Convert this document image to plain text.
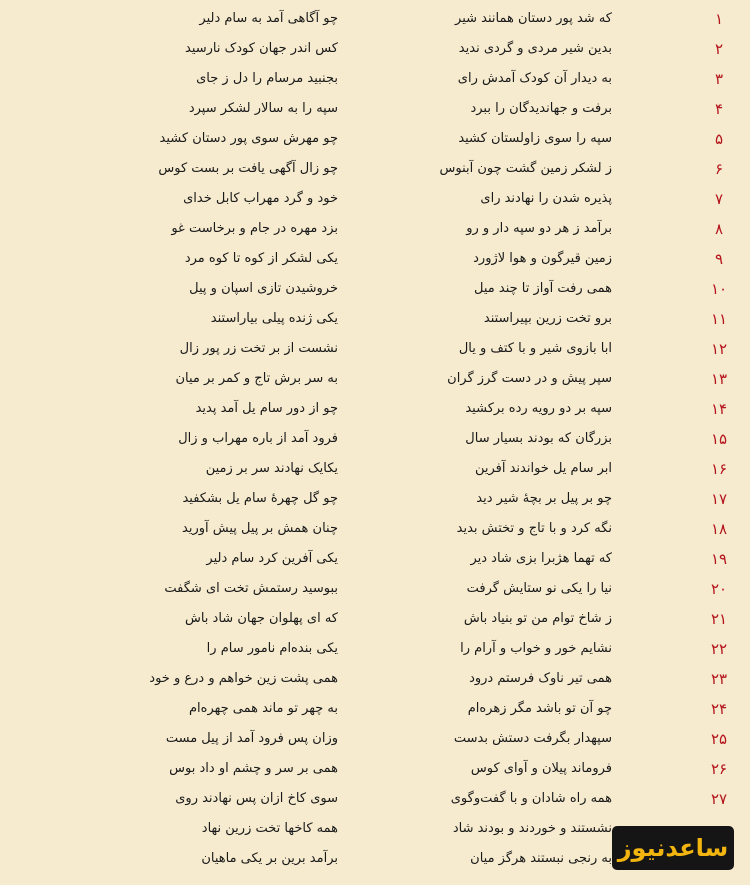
۱
چو آگاهی آمد به سام دلیر	که شد پور دستان همانند شیر
۲
کس اندر جهان کودک نارسید	بدین شیر مردی و گردی ندید
۳
بجنبید مرسام را دل ز جای	به دیدار آن کودک آمدش رای
۴
سپه را به سالار لشکر سپرد	برفت و جهاندیدگان را ببرد
۵
چو مهرش سوی پور دستان کشید	سپه را سوی زاولستان کشید
۶
چو زال آگهی یافت بر بست کوس	ز لشکر زمین گشت چون آبنوس
۷
خود و گرد مهراب کابل خدای	پذیره شدن را نهادند رای
۸
بزد مهره در جام و برخاست غو	برآمد ز هر دو سپه دار و رو
۹
یکی لشکر از کوه تا کوه مرد	زمین قیرگون و هوا لاژورد
۱۰
خروشیدن تازی اسپان و پیل	همی رفت آواز تا چند میل
۱۱
یکی ژنده پیلی بیاراستند	برو تخت زرین بپیراستند
۱۲
نشست از بر تخت زر پور زال	ابا بازوی شیر و با کتف و یال
۱۳
به سر برش تاج و کمر بر میان	سپر پیش و در دست گرز گران
۱۴
چو از دور سام یل آمد پدید	سپه بر دو رویه رده برکشید
۱۵
فرود آمد از باره مهراب و زال	بزرگان که بودند بسیار سال
۱۶
یکایک نهادند سر بر زمین	ابر سام یل خواندند آفرین
۱۷
چو گل چهرهٔ سام یل بشکفید	چو بر پیل بر بچهٔ شیر دید
۱۸
چنان همش بر پیل پیش آورید	نگه کرد و با تاج و تختش بدید
۱۹
یکی آفرین کرد سام دلیر	که تهما هژبرا بزی شاد دیر
۲۰
ببوسید رستمش تخت ای شگفت	نیا را یکی نو ستایش گرفت
۲۱
که ای پهلوان جهان شاد باش	ز شاخ توام من تو بنیاد باش
۲۲
یکی بنده‌ام نامور سام را	نشایم خور و خواب و آرام را
۲۳
همی پشت زین خواهم و درع و خود	همی تیر ناوک فرستم درود
۲۴
به چهر تو ماند همی چهره‌ام	چو آن تو باشد مگر زهره‌ام
۲۵
وزان پس فرود آمد از پیل مست	سپهدار بگرفت دستش بدست
۲۶
همی بر سر و چشم او داد بوس	فروماند پیلان و آوای کوس
۲۷
سوی کاخ ازان پس نهادند روی	همه راه شادان و با گفت‌وگوی
همه کاخها تخت زرین نهاد	نشستند و خوردند و بودند شاد
برآمد برین بر یکی ماهیان	به رنجی نبستند هرگز میان ساعدنیوز
